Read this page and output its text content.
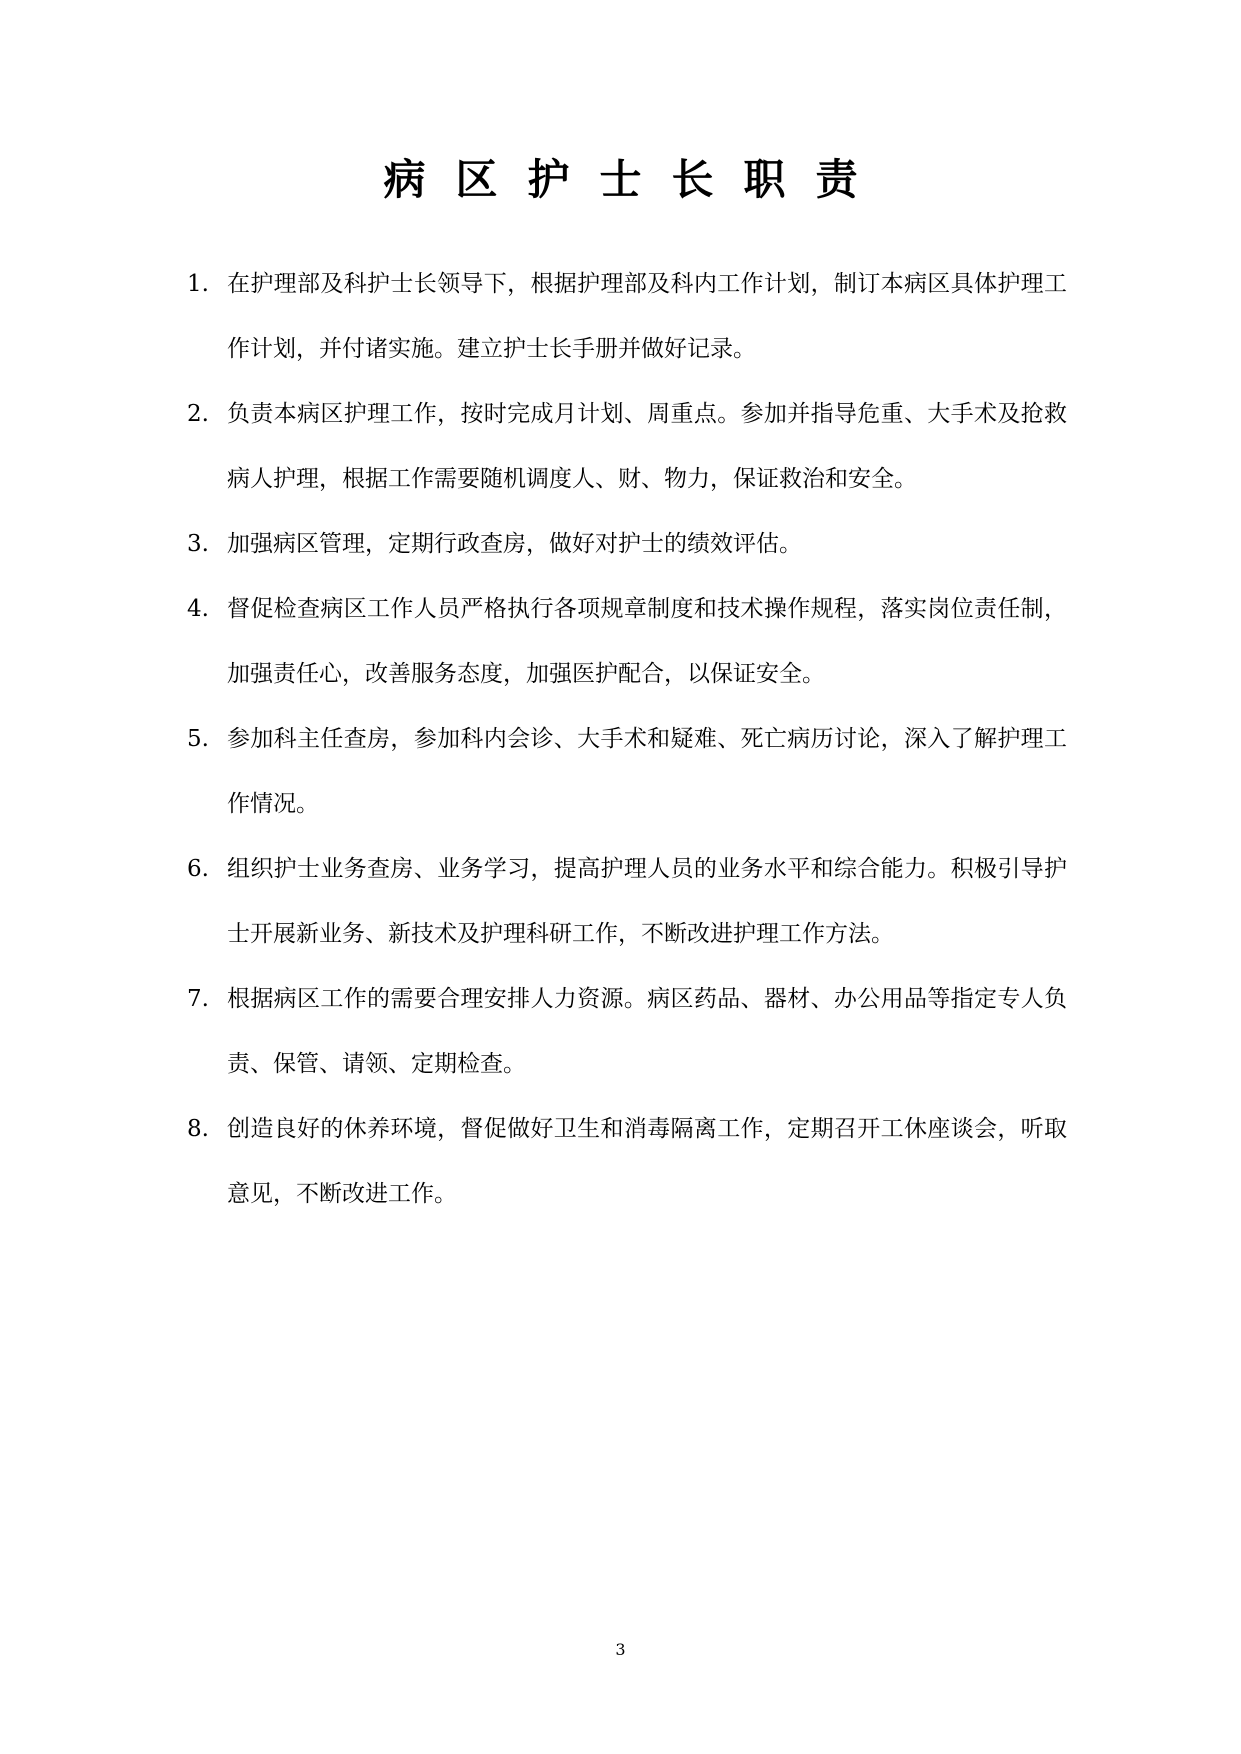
病区护士长职责
1. 在护理部及科护士长领导下，根据护理部及科内工作计划，制订本病区具体护理工作计划，并付诸实施。建立护士长手册并做好记录。
2. 负责本病区护理工作，按时完成月计划、周重点。参加并指导危重、大手术及抢救病人护理，根据工作需要随机调度人、财、物力，保证救治和安全。
3. 加强病区管理，定期行政查房，做好对护士的绩效评估。
4. 督促检查病区工作人员严格执行各项规章制度和技术操作规程，落实岗位责任制，加强责任心，改善服务态度，加强医护配合，以保证安全。
5. 参加科主任查房，参加科内会诊、大手术和疑难、死亡病历讨论，深入了解护理工作情况。
6. 组织护士业务查房、业务学习，提高护理人员的业务水平和综合能力。积极引导护士开展新业务、新技术及护理科研工作，不断改进护理工作方法。
7. 根据病区工作的需要合理安排人力资源。病区药品、器材、办公用品等指定专人负责、保管、请领、定期检查。
8. 创造良好的休养环境，督促做好卫生和消毒隔离工作，定期召开工休座谈会，听取意见，不断改进工作。
3
